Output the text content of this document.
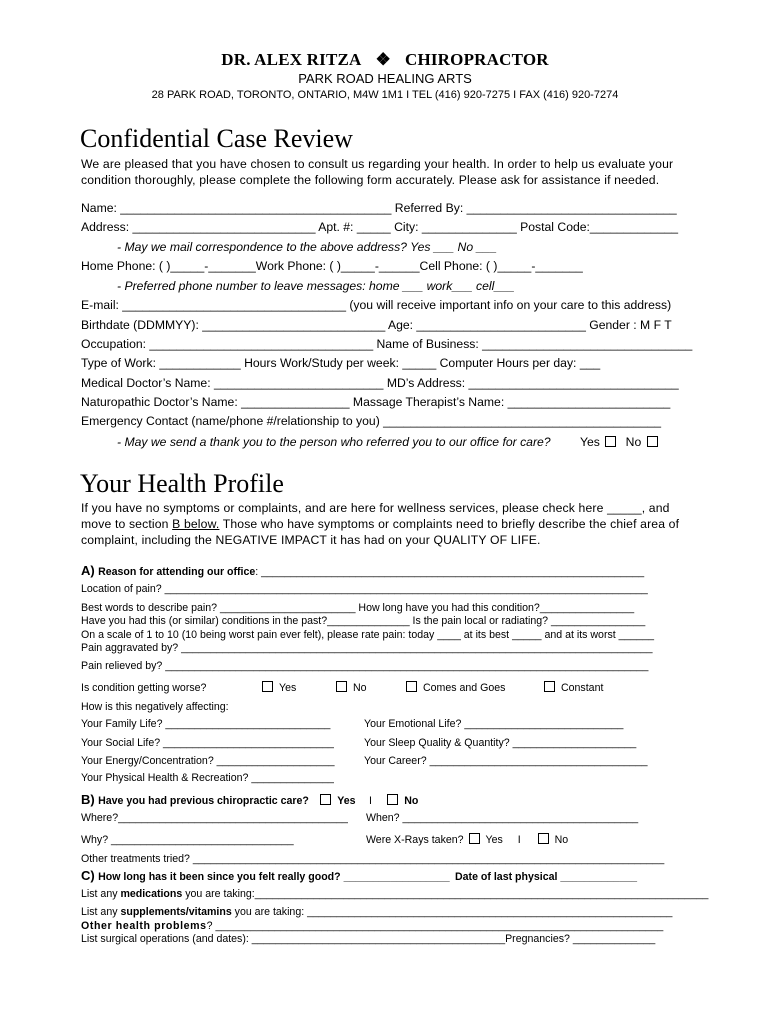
DR. ALEX RITZA ❖ CHIROPRACTOR
PARK ROAD HEALING ARTS
28 PARK ROAD, TORONTO, ONTARIO, M4W 1M1 I TEL (416) 920-7275 I FAX (416) 920-7274
Confidential Case Review
We are pleased that you have chosen to consult us regarding your health. In order to help us evaluate your condition thoroughly, please complete the following form accurately. Please ask for assistance if needed.
Name: ________________________________________ Referred By: _______________________________
Address: ___________________________ Apt. #: _____ City: ______________ Postal Code:_____________
- May we mail correspondence to the above address? Yes ___ No ___
Home Phone: ( )_____-_______Work Phone: ( )_____-______Cell Phone: ( )_____-_______
- Preferred phone number to leave messages: home ___ work___ cell___
E-mail: _________________________________ (you will receive important info on your care to this address)
Birthdate (DDMMYY): ___________________________ Age: _________________________ Gender : M F T
Occupation: _________________________________ Name of Business: _______________________________
Type of Work: ____________ Hours Work/Study per week: _____ Computer Hours per day: ___
Medical Doctor’s Name: _________________________ MD’s Address: _______________________________
Naturopathic Doctor’s Name: ________________ Massage Therapist’s Name: ________________________
Emergency Contact (name/phone #/relationship to you) _________________________________________
- May we send a thank you to the person who referred you to our office for care? Yes No
Your Health Profile
If you have no symptoms or complaints, and are here for wellness services, please check here _____, and move to section B below. Those who have symptoms or complaints need to briefly describe the chief area of complaint, including the NEGATIVE IMPACT it has had on your QUALITY OF LIFE.
A) Reason for attending our office: _________________________________________________________________
Location of pain? __________________________________________________________________________________
Best words to describe pain? _______________________ How long have you had this condition?________________
Have you had this (or similar) conditions in the past?______________ Is the pain local or radiating? ________________
On a scale of 1 to 10 (10 being worst pain ever felt), please rate pain: today ____ at its best _____ and at its worst ______
Pain aggravated by? ________________________________________________________________________________
Pain relieved by? __________________________________________________________________________________
Is condition getting worse?	Yes	No	Comes and Goes	Constant
How is this negatively affecting:
Your Family Life? ____________________________	Your Emotional Life? ___________________________
Your Social Life? _____________________________	Your Sleep Quality & Quantity? _____________________
Your Energy/Concentration? ____________________	Your Career? _____________________________________
Your Physical Health & Recreation? ______________
B) Have you had previous chiropractic care?	Yes I	No
Where?_______________________________________ When? ________________________________________
Why? _______________________________	Were X-Rays taken? Yes I	No
Other treatments tried? ________________________________________________________________________________
C) How long has it been since you felt really good? __________________ Date of last physical _____________
List any medications you are taking:_____________________________________________________________________________
List any supplements/vitamins you are taking: ______________________________________________________________
Other health problems? ____________________________________________________________________________
List surgical operations (and dates): ___________________________________________Pregnancies? ______________
